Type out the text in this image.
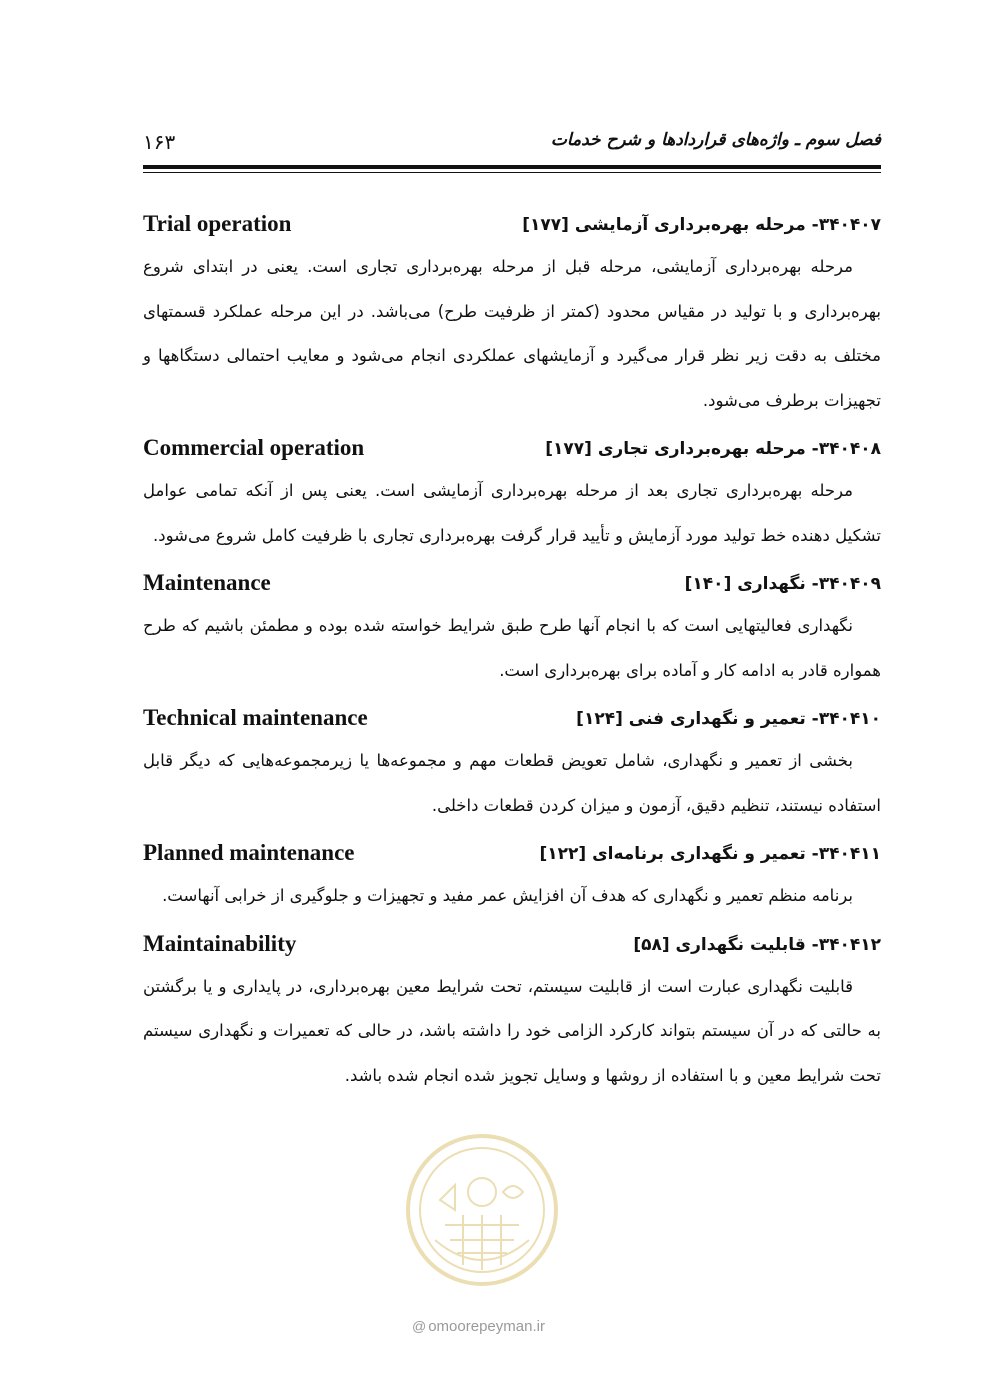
۱۶۳	فصل سوم ـ واژه‌های قراردادها و شرح خدمات
Trial operation	۳۴۰۴۰۷- مرحله بهره‌برداری آزمایشی [۱۷۷]

مرحله بهره‌برداری آزمایشی، مرحله قبل از مرحله بهره‌برداری تجاری است. یعنی در ابتدای شروع بهره‌برداری و با تولید در مقیاس محدود (کمتر از ظرفیت طرح) می‌باشد. در این مرحله عملکرد قسمتهای مختلف به دقت زیر نظر قرار می‌گیرد و آزمایشهای عملکردی انجام می‌شود و معایب احتمالی دستگاهها و تجهیزات برطرف می‌شود.

Commercial operation	۳۴۰۴۰۸- مرحله بهره‌برداری تجاری [۱۷۷]

مرحله بهره‌برداری تجاری بعد از مرحله بهره‌برداری آزمایشی است. یعنی پس از آنکه تمامی عوامل تشکیل دهنده خط تولید مورد آزمایش و تأیید قرار گرفت بهره‌برداری تجاری با ظرفیت کامل شروع می‌شود.

Maintenance	۳۴۰۴۰۹- نگهداری [۱۴۰]

نگهداری فعالیتهایی است که با انجام آنها طرح طبق شرایط خواسته شده بوده و مطمئن باشیم که طرح همواره قادر به ادامه کار و آماده برای بهره‌برداری است.

Technical maintenance	۳۴۰۴۱۰- تعمیر و نگهداری فنی [۱۲۴]

بخشی از تعمیر و نگهداری، شامل تعویض قطعات مهم و مجموعه‌ها یا زیرمجموعه‌هایی که دیگر قابل استفاده نیستند، تنظیم دقیق، آزمون و میزان کردن قطعات داخلی.

Planned maintenance	۳۴۰۴۱۱- تعمیر و نگهداری برنامه‌ای [۱۲۲]

برنامه منظم تعمیر و نگهداری که هدف آن افزایش عمر مفید و تجهیزات و جلوگیری از خرابی آنهاست.

Maintainability	۳۴۰۴۱۲- قابلیت نگهداری [۵۸]

قابلیت نگهداری عبارت است از قابلیت سیستم، تحت شرایط معین بهره‌برداری، در پایداری و یا برگشتن به حالتی که در آن سیستم بتواند کارکرد الزامی خود را داشته باشد، در حالی که تعمیرات و نگهداری سیستم تحت شرایط معین و با استفاده از روشها و وسایل تجویز شده انجام شده باشد.

@ omoorepeyman.ir
